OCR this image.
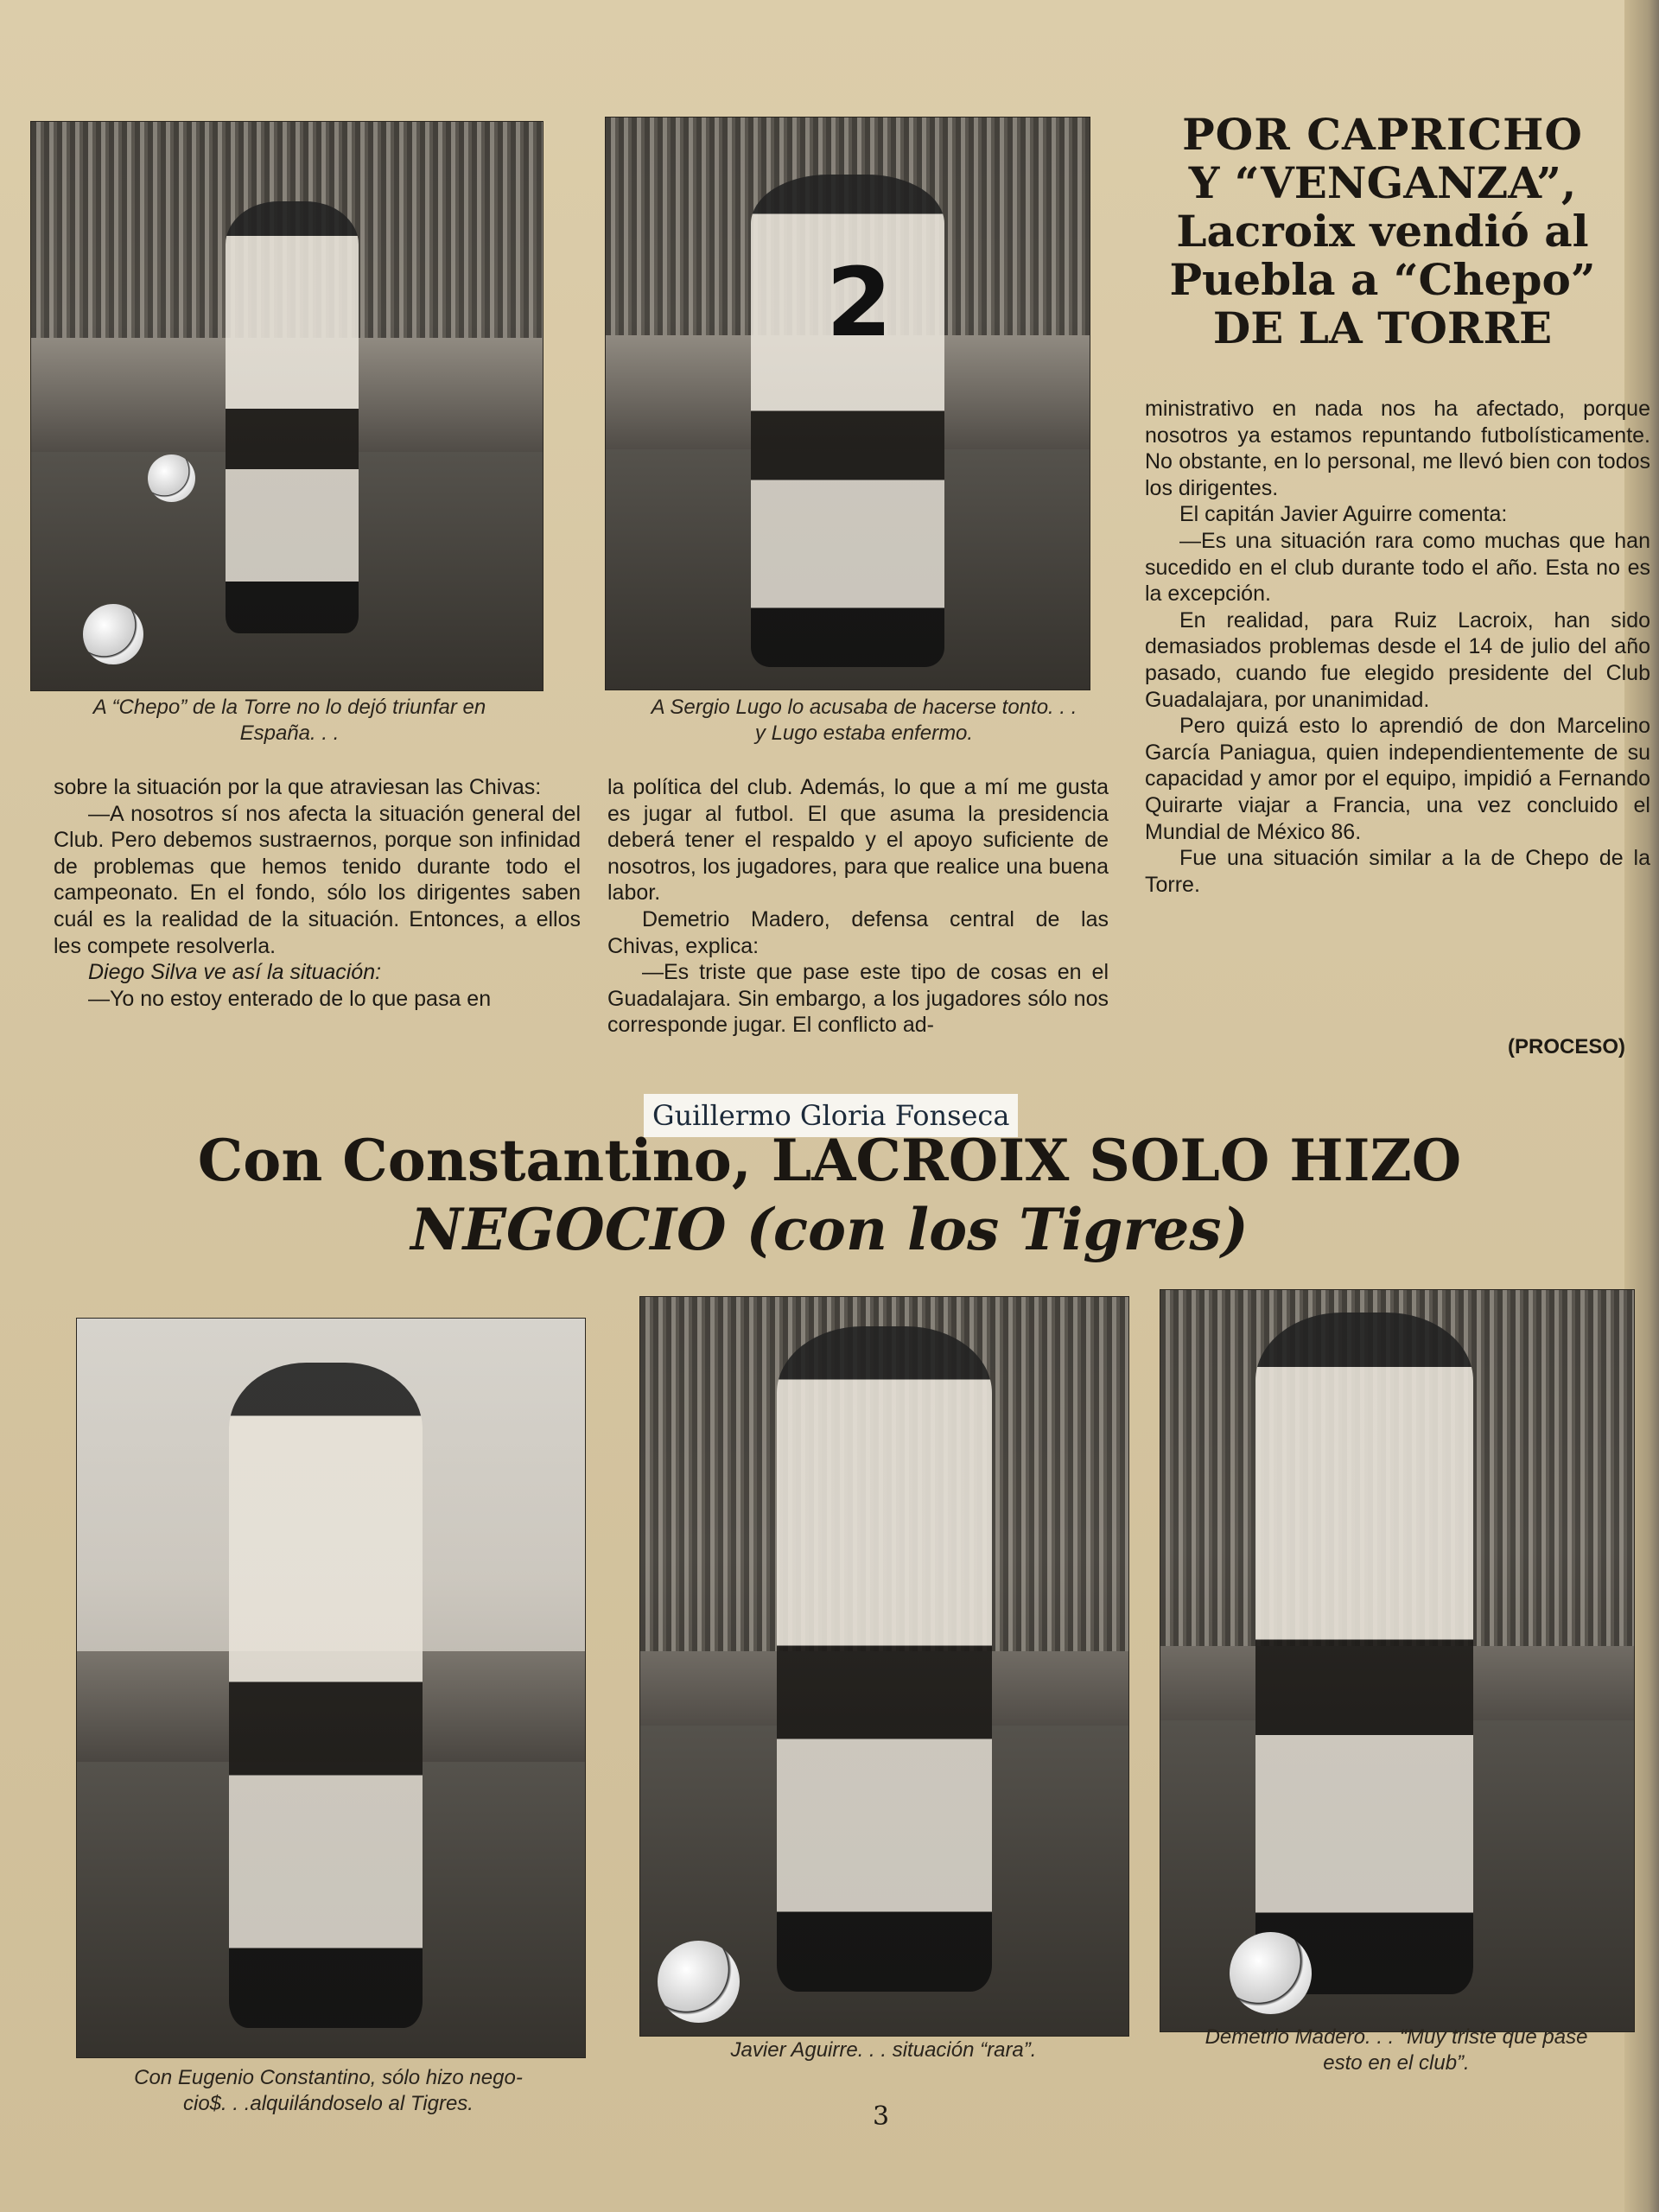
A “Chepo” de la Torre no lo dejó triunfar en
España. . .
2
A Sergio Lugo lo acusaba de hacerse tonto. . .
y Lugo estaba enfermo.
POR CAPRICHO
Y “VENGANZA”,
Lacroix vendió al
Puebla a “Chepo”
DE LA TORRE

ministrativo en nada nos ha afectado, porque nosotros ya estamos repuntando futbolísticamente. No obstante, en lo personal, me llevó bien con todos los dirigentes.

El capitán Javier Aguirre comenta:

—Es una situación rara como muchas que han sucedido en el club durante todo el año. Esta no es la excepción.

En realidad, para Ruiz Lacroix, han sido demasiados problemas desde el 14 de julio del año pasado, cuando fue elegido presidente del Club Guadalajara, por unanimidad.

Pero quizá esto lo aprendió de don Marcelino García Paniagua, quien independientemente de su capacidad y amor por el equipo, impidió a Fernando Quirarte viajar a Francia, una vez concluido el Mundial de México 86.

Fue una situación similar a la de Chepo de la Torre.

(PROCESO)

sobre la situación por la que atraviesan las Chivas:

—A nosotros sí nos afecta la situación general del Club. Pero debemos sustraernos, porque son infinidad de problemas que hemos tenido durante todo el campeonato. En el fondo, sólo los dirigentes saben cuál es la realidad de la situación. Entonces, a ellos les compete resolverla.

Diego Silva ve así la situación:

—Yo no estoy enterado de lo que pasa en

la política del club. Además, lo que a mí me gusta es jugar al futbol. El que asuma la presidencia deberá tener el respaldo y el apoyo suficiente de nosotros, los jugadores, para que realice una buena labor.

Demetrio Madero, defensa central de las Chivas, explica:

—Es triste que pase este tipo de cosas en el Guadalajara. Sin embargo, a los jugadores sólo nos corresponde jugar. El conflicto ad-

Guillermo Gloria Fonseca
Con Constantino, LACROIX SOLO HIZO
NEGOCIO (con los Tigres)
Con Eugenio Constantino, sólo hizo nego-
cio$. . .alquilándoselo al Tigres.
Javier Aguirre. . . situación “rara”.
Demetrio Madero. . . “Muy triste que pase
esto en el club”.
3
